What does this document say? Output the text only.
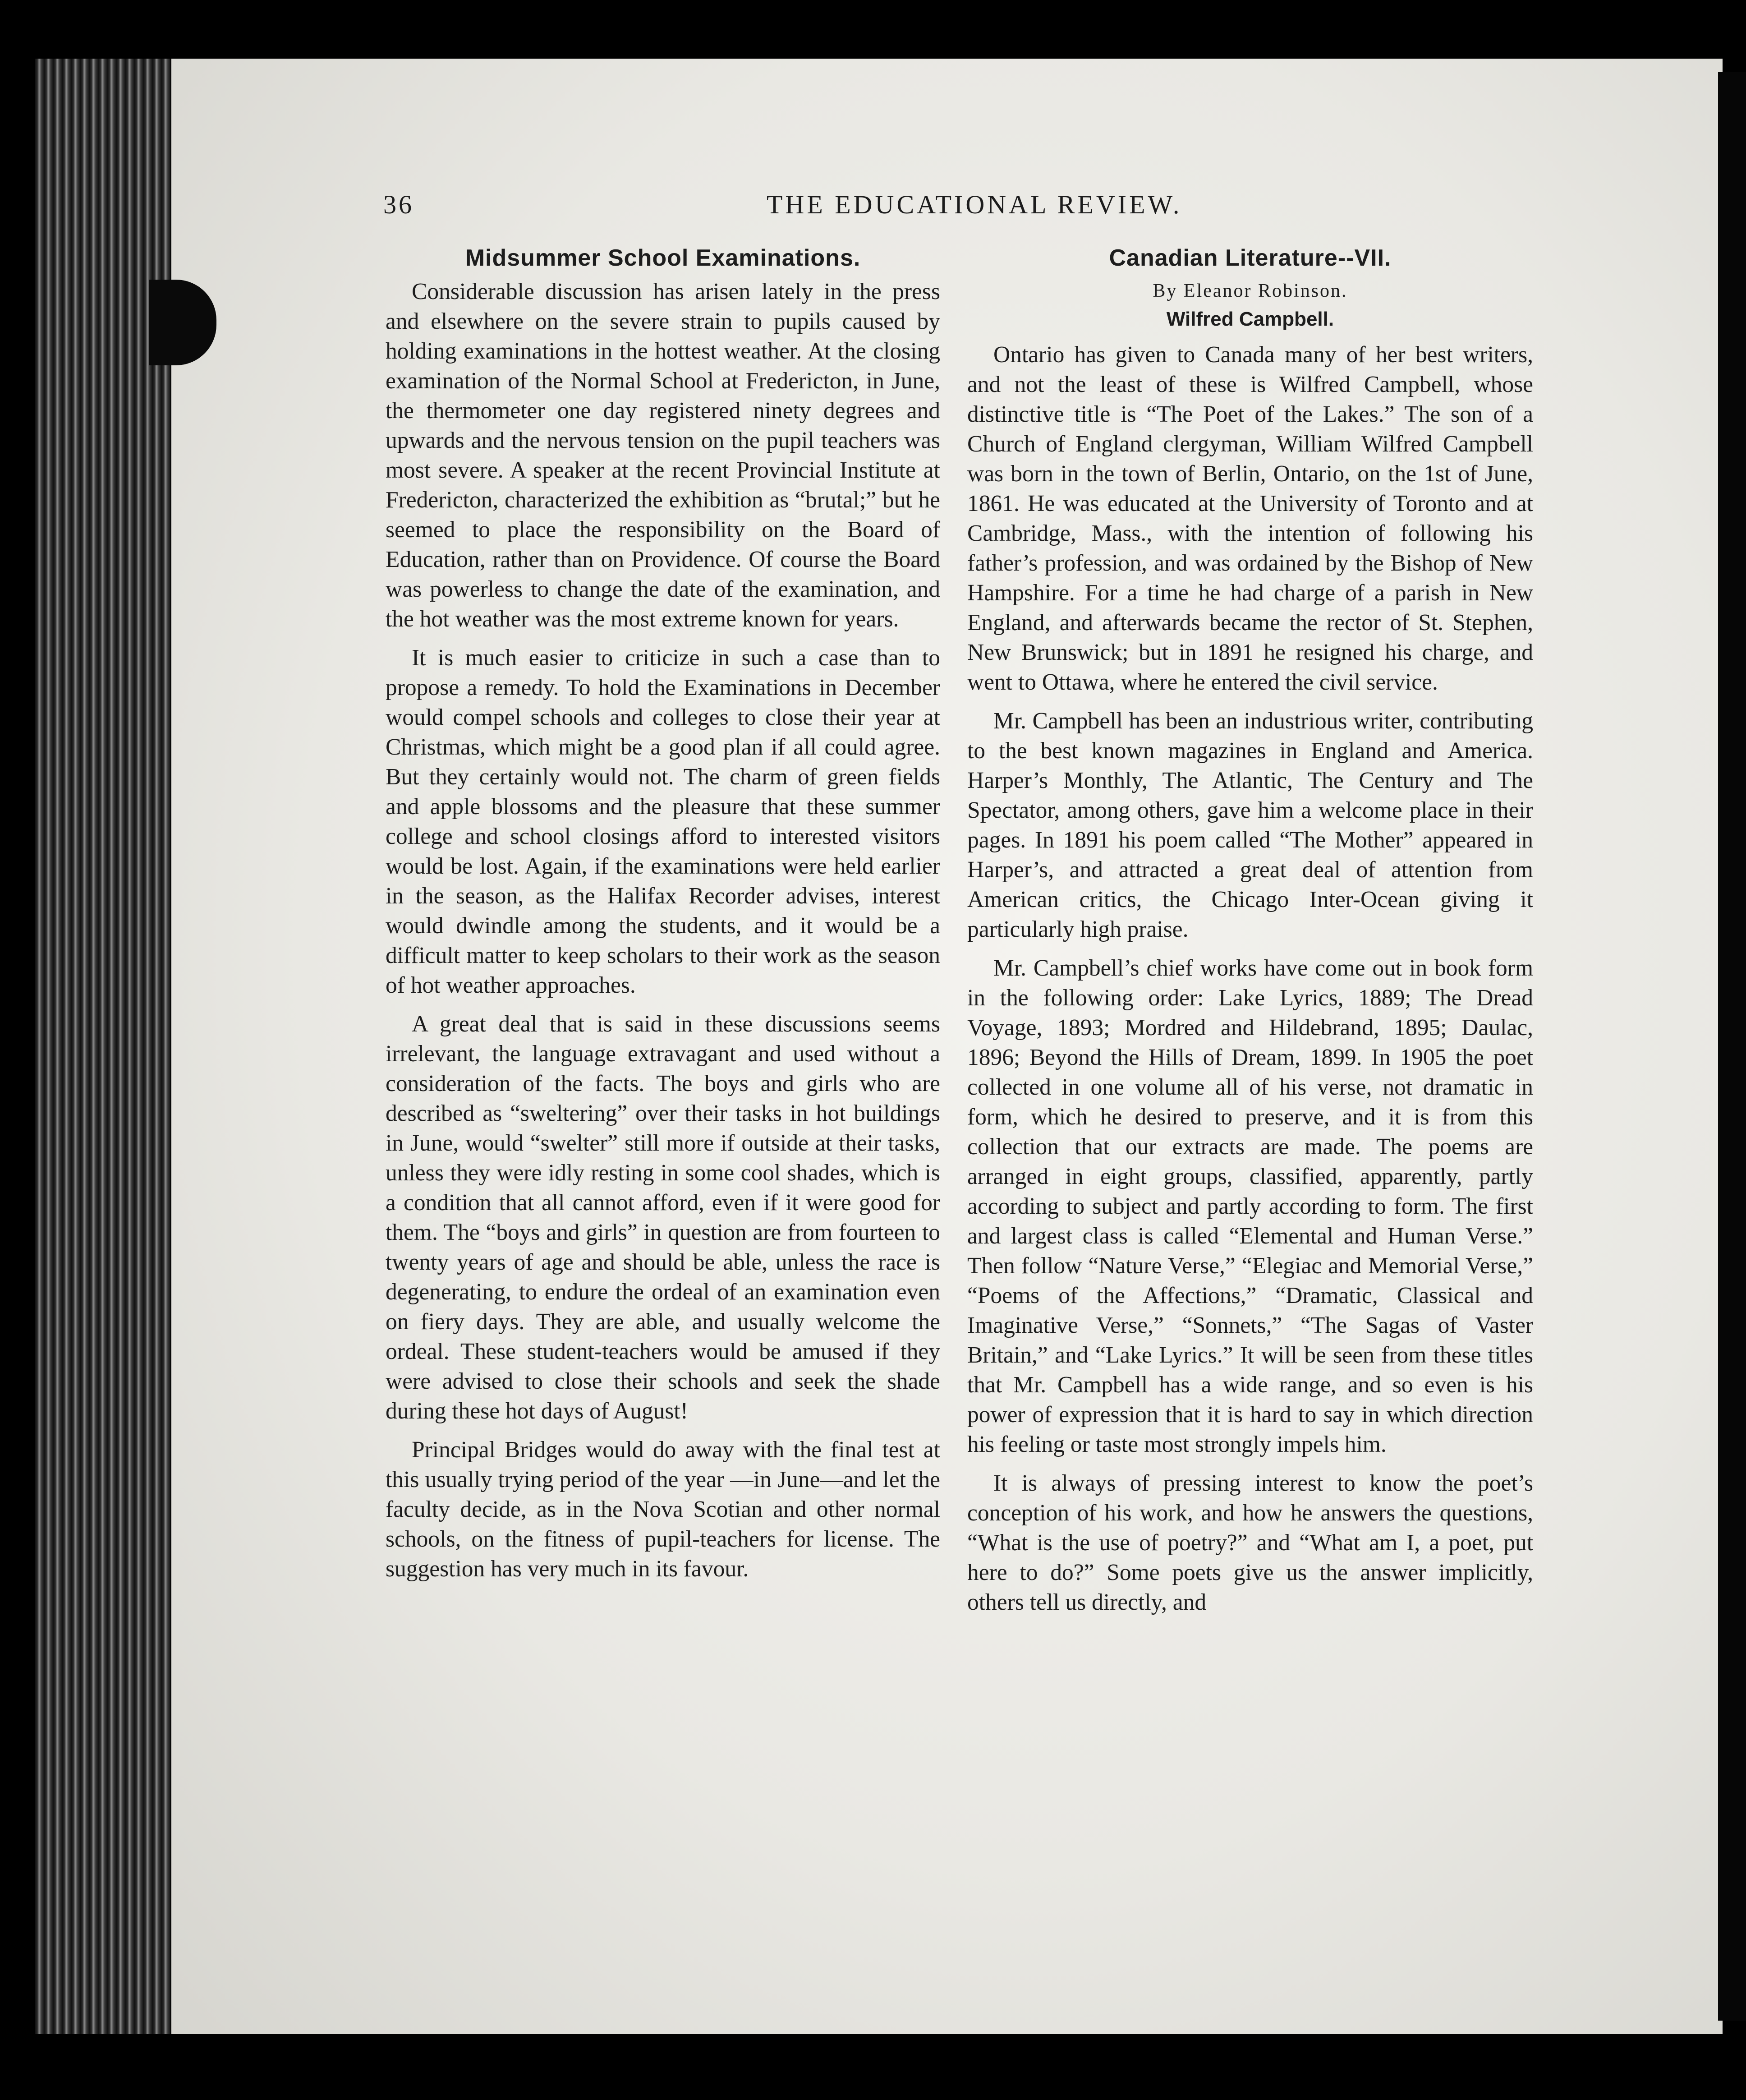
36	THE EDUCATIONAL REVIEW.
Midsummer School Examinations.

Considerable discussion has arisen lately in the press and elsewhere on the severe strain to pupils caused by holding examinations in the hottest weather. At the closing examination of the Normal School at Fredericton, in June, the thermometer one day registered ninety degrees and upwards and the nervous tension on the pupil teachers was most severe. A speaker at the recent Provincial Institute at Fredericton, characterized the exhibition as “brutal;” but he seemed to place the responsibility on the Board of Education, rather than on Providence. Of course the Board was powerless to change the date of the examination, and the hot weather was the most extreme known for years.

It is much easier to criticize in such a case than to propose a remedy. To hold the Examinations in December would compel schools and colleges to close their year at Christmas, which might be a good plan if all could agree. But they certainly would not. The charm of green fields and apple blossoms and the pleasure that these summer college and school closings afford to interested visitors would be lost. Again, if the examinations were held earlier in the season, as the Halifax Recorder advises, interest would dwindle among the students, and it would be a difficult matter to keep scholars to their work as the season of hot weather approaches.

A great deal that is said in these discussions seems irrelevant, the language extravagant and used without a consideration of the facts. The boys and girls who are described as “sweltering” over their tasks in hot buildings in June, would “swelter” still more if outside at their tasks, unless they were idly resting in some cool shades, which is a condition that all cannot afford, even if it were good for them. The “boys and girls” in question are from fourteen to twenty years of age and should be able, unless the race is degenerating, to endure the ordeal of an examination even on fiery days. They are able, and usually welcome the ordeal. These student-teachers would be amused if they were advised to close their schools and seek the shade during these hot days of August!

Principal Bridges would do away with the final test at this usually trying period of the year —in June—and let the faculty decide, as in the Nova Scotian and other normal schools, on the fitness of pupil-teachers for license. The suggestion has very much in its favour.

Canadian Literature--VII.
By Eleanor Robinson.
Wilfred Campbell.

Ontario has given to Canada many of her best writers, and not the least of these is Wilfred Campbell, whose distinctive title is “The Poet of the Lakes.” The son of a Church of England clergyman, William Wilfred Campbell was born in the town of Berlin, Ontario, on the 1st of June, 1861. He was educated at the University of Toronto and at Cambridge, Mass., with the intention of following his father’s profession, and was ordained by the Bishop of New Hampshire. For a time he had charge of a parish in New England, and afterwards became the rector of St. Stephen, New Brunswick; but in 1891 he resigned his charge, and went to Ottawa, where he entered the civil service.

Mr. Campbell has been an industrious writer, contributing to the best known magazines in England and America. Harper’s Monthly, The Atlantic, The Century and The Spectator, among others, gave him a welcome place in their pages. In 1891 his poem called “The Mother” appeared in Harper’s, and attracted a great deal of attention from American critics, the Chicago Inter-Ocean giving it particularly high praise.

Mr. Campbell’s chief works have come out in book form in the following order: Lake Lyrics, 1889; The Dread Voyage, 1893; Mordred and Hildebrand, 1895; Daulac, 1896; Beyond the Hills of Dream, 1899. In 1905 the poet collected in one volume all of his verse, not dramatic in form, which he desired to preserve, and it is from this collection that our extracts are made. The poems are arranged in eight groups, classified, apparently, partly according to subject and partly according to form. The first and largest class is called “Elemental and Human Verse.” Then follow “Nature Verse,” “Elegiac and Memorial Verse,” “Poems of the Affections,” “Dramatic, Classical and Imaginative Verse,” “Sonnets,” “The Sagas of Vaster Britain,” and “Lake Lyrics.” It will be seen from these titles that Mr. Campbell has a wide range, and so even is his power of expression that it is hard to say in which direction his feeling or taste most strongly impels him.

It is always of pressing interest to know the poet’s conception of his work, and how he answers the questions, “What is the use of poetry?” and “What am I, a poet, put here to do?” Some poets give us the answer implicitly, others tell us directly, and
